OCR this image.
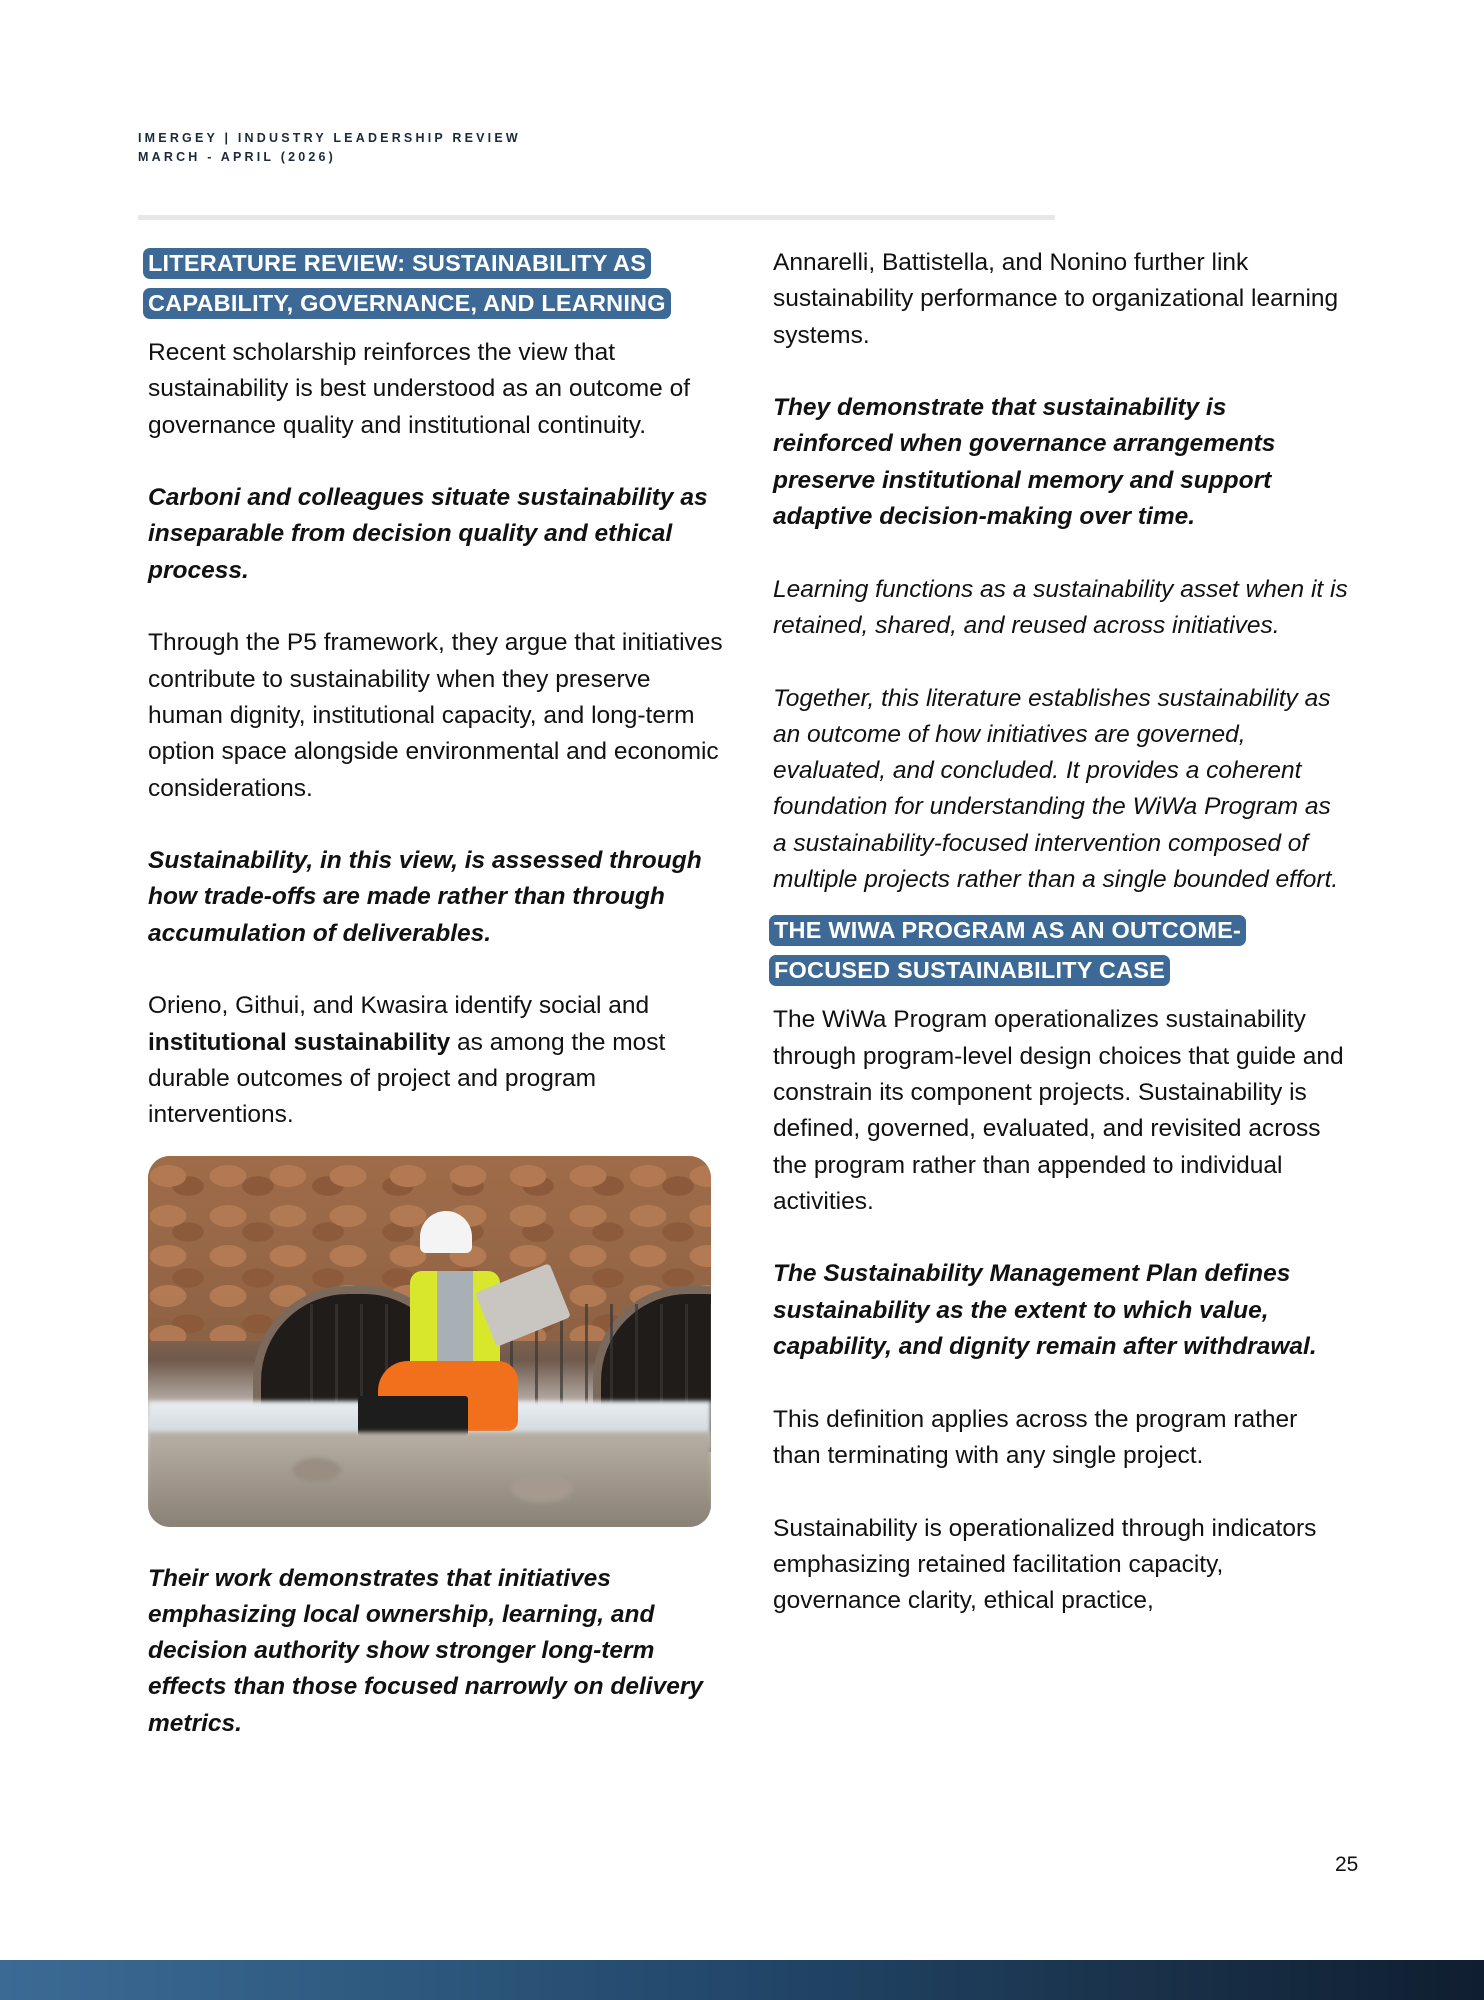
IMERGEY | INDUSTRY LEADERSHIP REVIEW
MARCH - APRIL (2026)
LITERATURE REVIEW: SUSTAINABILITY AS CAPABILITY, GOVERNANCE, AND LEARNING

Recent scholarship reinforces the view that sustainability is best understood as an outcome of governance quality and institutional continuity.

Carboni and colleagues situate sustainability as inseparable from decision quality and ethical process.

Through the P5 framework, they argue that initiatives contribute to sustainability when they preserve human dignity, institutional capacity, and long-term option space alongside environmental and economic considerations.

Sustainability, in this view, is assessed through how trade-offs are made rather than through accumulation of deliverables.

Orieno, Githui, and Kwasira identify social and institutional sustainability as among the most durable outcomes of project and program interventions.

Their work demonstrates that initiatives emphasizing local ownership, learning, and decision authority show stronger long-term effects than those focused narrowly on delivery metrics.

Annarelli, Battistella, and Nonino further link sustainability performance to organizational learning systems.

They demonstrate that sustainability is reinforced when governance arrangements preserve institutional memory and support adaptive decision-making over time.

Learning functions as a sustainability asset when it is retained, shared, and reused across initiatives.

Together, this literature establishes sustainability as an outcome of how initiatives are governed, evaluated, and concluded. It provides a coherent foundation for understanding the WiWa Program as a sustainability-focused intervention composed of multiple projects rather than a single bounded effort.

THE WIWA PROGRAM AS AN OUTCOME-FOCUSED SUSTAINABILITY CASE

The WiWa Program operationalizes sustainability through program-level design choices that guide and constrain its component projects. Sustainability is defined, governed, evaluated, and revisited across the program rather than appended to individual activities.

The Sustainability Management Plan defines sustainability as the extent to which value, capability, and dignity remain after withdrawal.

This definition applies across the program rather than terminating with any single project.

Sustainability is operationalized through indicators emphasizing retained facilitation capacity, governance clarity, ethical practice,

25
